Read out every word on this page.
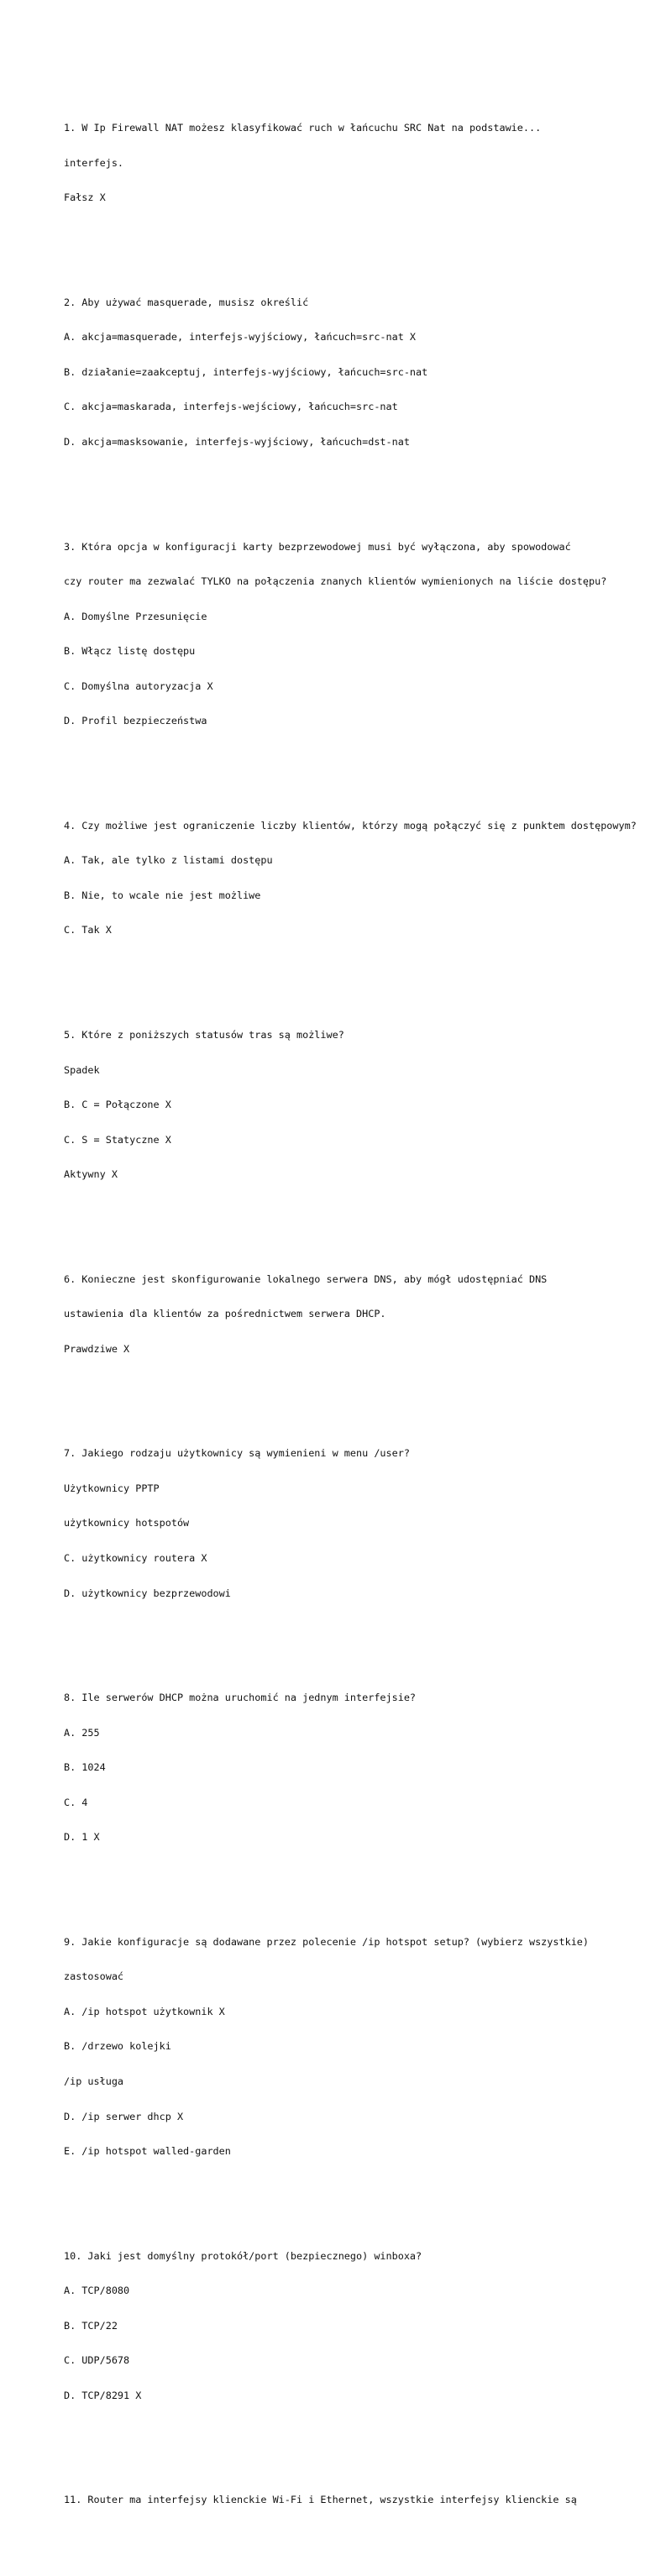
1. W Ip Firewall NAT możesz klasyfikować ruch w łańcuchu SRC Nat na podstawie...

interfejs.

Fałsz X

2. Aby używać masquerade, musisz określić

A. akcja=masquerade, interfejs-wyjściowy, łańcuch=src-nat X

B. działanie=zaakceptuj, interfejs-wyjściowy, łańcuch=src-nat

C. akcja=maskarada, interfejs-wejściowy, łańcuch=src-nat

D. akcja=masksowanie, interfejs-wyjściowy, łańcuch=dst-nat

3. Która opcja w konfiguracji karty bezprzewodowej musi być wyłączona, aby spowodować

czy router ma zezwalać TYLKO na połączenia znanych klientów wymienionych na liście dostępu?

A. Domyślne Przesunięcie

B. Włącz listę dostępu

C. Domyślna autoryzacja X

D. Profil bezpieczeństwa

4. Czy możliwe jest ograniczenie liczby klientów, którzy mogą połączyć się z punktem dostępowym?

A. Tak, ale tylko z listami dostępu

B. Nie, to wcale nie jest możliwe

C. Tak X

5. Które z poniższych statusów tras są możliwe?

Spadek

B. C = Połączone X

C. S = Statyczne X

Aktywny X

6. Konieczne jest skonfigurowanie lokalnego serwera DNS, aby mógł udostępniać DNS

ustawienia dla klientów za pośrednictwem serwera DHCP.

Prawdziwe X

7. Jakiego rodzaju użytkownicy są wymienieni w menu /user?

Użytkownicy PPTP

użytkownicy hotspotów

C. użytkownicy routera X

D. użytkownicy bezprzewodowi

8. Ile serwerów DHCP można uruchomić na jednym interfejsie?

A. 255

B. 1024

C. 4

D. 1 X

9. Jakie konfiguracje są dodawane przez polecenie /ip hotspot setup? (wybierz wszystkie)

zastosować

A. /ip hotspot użytkownik X

B. /drzewo kolejki

/ip usługa

D. /ip serwer dhcp X

E. /ip hotspot walled-garden

10. Jaki jest domyślny protokół/port (bezpiecznego) winboxa?

A. TCP/8080

B. TCP/22

C. UDP/5678

D. TCP/8291 X

11. Router ma interfejsy klienckie Wi-Fi i Ethernet, wszystkie interfejsy klienckie są
